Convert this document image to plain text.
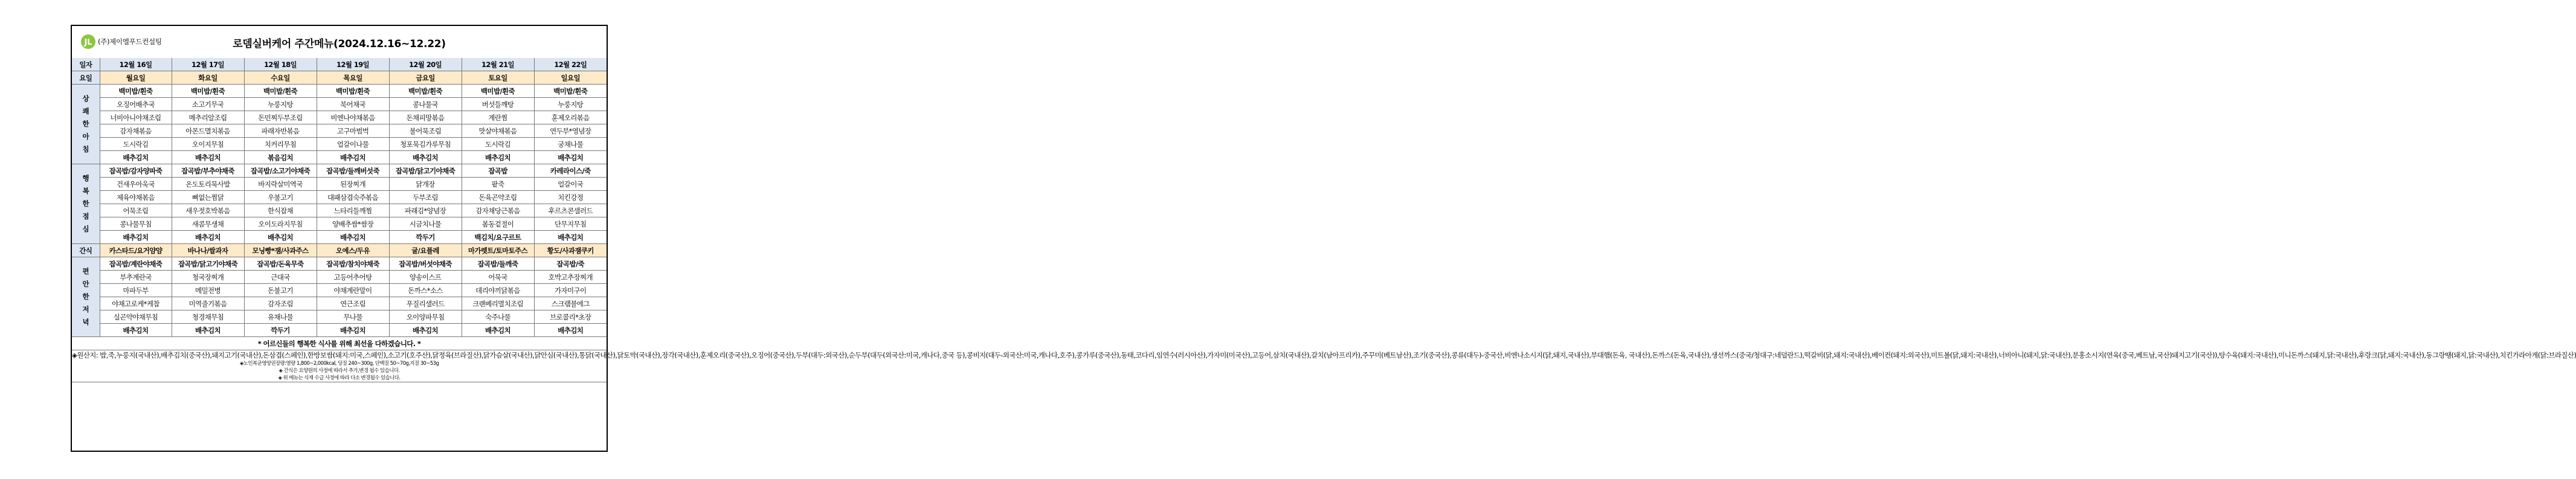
JL (주)제이엘푸드컨설팅	로뎀실버케어 주간메뉴(2024.12.16~12.22)
일자	12월 16일	12월 17일	12월 18일	12월 19일	12월 20일	12월 21일	12월 22일
요일	월요일	화요일	수요일	목요일	금요일	토요일	일요일
상쾌한아침	백미밥/흰죽	백미밥/흰죽	백미밥/흰죽	백미밥/흰죽	백미밥/흰죽	백미밥/흰죽	백미밥/흰죽
	오징어배추국	소고기무국	누룽지탕	북어채국	콩나물국	버섯들깨탕	누룽지탕
	너비아니야채조림	메추리알조림	돈민찌두부조림	비엔나야채볶음	돈채피망볶음	계란찜	훈제오리볶음
	감자채볶음	아몬드멸치볶음	파래자반볶음	고구마범벅	불어묵조림	맛살야채볶음	연두부*영념장
	도시락김	오이지무침	치커리무침	얼갈이나물	청포묵김가루무침	도시락김	궁채나물
	배추김치	배추김치	볶음김치	배추김치	배추김치	배추김치	배추김치
행복한점심	잡곡밥/감자양파죽	잡곡밥/부추야채죽	잡곡밥/소고기야채죽	잡곡밥/들깨버섯죽	잡곡밥/닭고기야채죽	잡곡밥	카레라이스/죽
	건새우아욱국	온도토리묵사발	바지락살미역국	된장찌개	닭개장	팥죽	얼갈이국
	제육야채볶음	뼈없는찜닭	우불고기	대패삼겹숙주볶음	두부조림	돈육곤약조림	치킨강정
	어묵조림	새우젓호박볶음	한식잡채	느타리들깨찜	파래김*양념장	감자채당근볶음	후르츠콘샐러드
	콩나물무침	새콤무생채	오이도라지무침	양배추쌈*쌈장	시금치나물	봄동겉절이	단무지무침
	배추김치	배추김치	배추김치	배추김치	깍두기	백김치/요구르트	배추김치
간식	카스타드/요거얌얌	바나나/쌀과자	모닝빵*잼/사과주스	오예스/두유	귤/요플레	마가렛트/토마토주스	황도/사과잼쿠키
편안한저녁	잡곡밥/계란야채죽	잡곡밥/닭고기야채죽	잡곡밥/돈육무죽	잡곡밥/참치야채죽	잡곡밥/버섯야채죽	잡곡밥/들깨죽	잡곡밥/죽
	부추계란국	청국장찌개	근대국	고등어추어탕	양송이스프	어묵국	호박고추장찌개
	마파두부	메밀전병	돈불고기	야채계란말이	돈까스*소스	데리야끼닭볶음	가자미구이
	야채고로케*케찹	미역줄기볶음	감자조림	연근조림	푸질리샐러드	크랜베리멸치조림	스크램블에그
	실곤약야채무침	청경채무침	유채나물	무나물	오이양파무침	숙주나물	브로콜리*초장
	배추김치	배추김치	깍두기	배추김치	배추김치	배추김치	배추김치
* 어르신들의 행복한 식사를 위해 최선을 다하겠습니다. *							

◈원산지: 밥,죽,누룽지(국내산),배추김치(중국산),돼지고기(국내산),돈삼겹(스페인),한방보쌈(돼지:미국,스페인),소고기(호주산),닭정육(브라질산),닭가슴살(국내산),닭안심(국내산),통닭(국내산),닭토막(국내산),장각(국내산),훈제오리(중국산),오징어(중국산),두부(대두:외국산),순두부(대두(외국산:미국,캐나다,중국 등),콩비지(대두-외국산:미국,캐나다,호주),콩가루(중국산),동태,코다리,임연수(러시아산),가자미(미국산),고등어,삼치(국내산),갈치(남아프리카),주꾸미(베트남산),조기(중국산),콩류(대두)-중국산,비엔나소시지(닭,돼지,국내산),부대햄(돈육, 국내산),돈까스(돈육,국내산),생선까스(중국/청대구:네덜란드),떡갈비(닭,돼지:국내산),베이컨(돼지:외국산),미트볼(닭,돼지:국내산),너비아니(돼지,닭:국내산),분홍소시지(연육(중국,베트남,국산)돼지고기(국산)),탕수육(돼지:국내산),미니돈까스(돼지,닭:국내산),후랑크(닭,돼지:국내산),동그랑땡(돼지,닭:국내산),치킨가라아게(닭:브라질산)
◈노인복균영양권장량:열량 1,800~2,000kcal, 당질 240~300g, 단백질 50~70g,지질 30~53g
◈ 간식은 요양원의 사정에 따라서 추가,변경 될수 있습니다.
◈ 위 메뉴는 식재 수급 사정에 따라 다소 변경될수 있습니다.							
